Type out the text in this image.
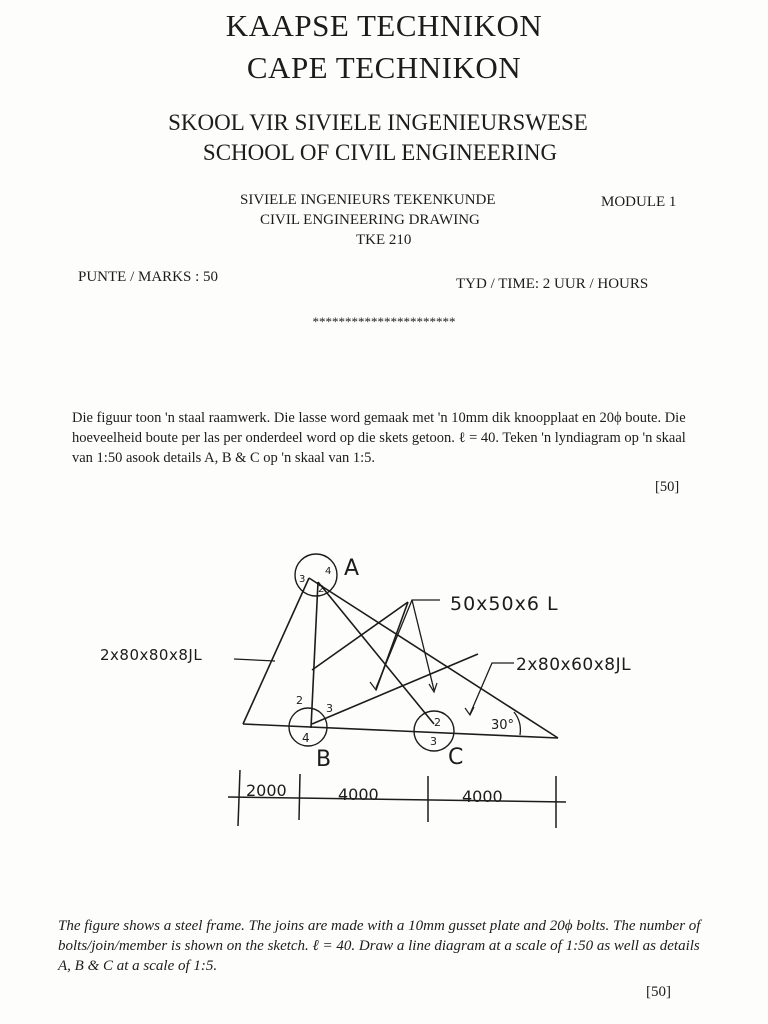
KAAPSE TECHNIKON
CAPE TECHNIKON
SKOOL VIR SIVIELE INGENIEURSWESE
SCHOOL OF CIVIL ENGINEERING
SIVIELE INGENIEURS TEKENKUNDE
CIVIL ENGINEERING DRAWING
TKE 210
MODULE 1
PUNTE / MARKS : 50	TYD / TIME: 2 UUR / HOURS
**********************
Die figuur toon 'n staal raamwerk. Die lasse word gemaak met 'n 10mm dik knoopplaat en 20ϕ boute. Die hoeveelheid boute per las per onderdeel word op die skets getoon. ℓ = 40. Teken 'n lyndiagram op 'n skaal van 1:50 asook details A, B & C op 'n skaal van 1:5.
[50]
A
B	C
3
4
2
2
3
4
2
3
50x50x6 L
2x80x80x8JL	2x80x60x8JL
30°
2000	4000	4000
The figure shows a steel frame. The joins are made with a 10mm gusset plate and 20ϕ bolts. The number of bolts/join/member is shown on the sketch. ℓ = 40. Draw a line diagram at a scale of 1:50 as well as details A, B & C at a scale of 1:5.
[50]
